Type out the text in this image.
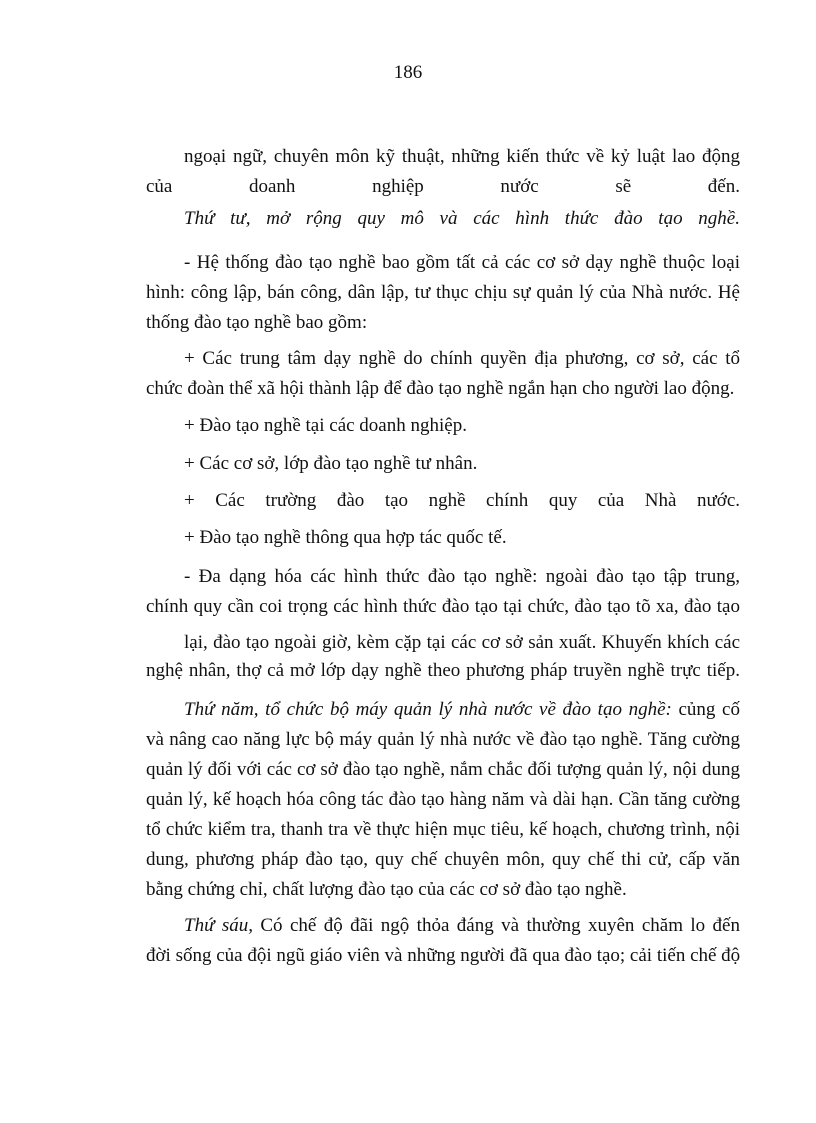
186
ngoại ngữ, chuyên môn kỹ thuật, những kiến thức về kỷ luật lao động
của doanh nghiệp nước sẽ đến.
Thứ tư, mở rộng quy mô và các hình thức đào tạo nghề.
- Hệ thống đào tạo nghề bao gồm tất cả các cơ sở dạy nghề thuộc loại
hình: công lập, bán công, dân lập, tư thục chịu sự quản lý của Nhà nước. Hệ
thống đào tạo nghề bao gồm:
+ Các trung tâm dạy nghề do chính quyền địa phương, cơ sở, các tổ
chức đoàn thể xã hội thành lập để đào tạo nghề ngắn hạn cho người lao động.
+ Đào tạo nghề tại các doanh nghiệp.
+ Các cơ sở, lớp đào tạo nghề tư nhân.
+ Các trường đào tạo nghề chính quy của Nhà nước.
+ Đào tạo nghề thông qua hợp tác quốc tế.
- Đa dạng hóa các hình thức đào tạo nghề: ngoài đào tạo tập trung,
chính quy cần coi trọng các hình thức đào tạo tại chức, đào tạo tõ xa, đào tạo
lại, đào tạo ngoài giờ, kèm cặp tại các cơ sở sản xuất. Khuyến khích các
nghệ nhân, thợ cả mở lớp dạy nghề theo phương pháp truyền nghề trực tiếp.
Thứ năm, tổ chức bộ máy quản lý nhà nước về đào tạo nghề: củng cố
và nâng cao năng lực bộ máy quản lý nhà nước về đào tạo nghề. Tăng cường
quản lý đối với các cơ sở đào tạo nghề, nắm chắc đối tượng quản lý, nội dung
quản lý, kế hoạch hóa công tác đào tạo hàng năm và dài hạn. Cần tăng cường
tổ chức kiểm tra, thanh tra về thực hiện mục tiêu, kế hoạch, chương trình, nội
dung, phương pháp đào tạo, quy chế chuyên môn, quy chế thi cử, cấp văn
bằng chứng chỉ, chất lượng đào tạo của các cơ sở đào tạo nghề.
Thứ sáu, Có chế độ đãi ngộ thỏa đáng và thường xuyên chăm lo đến
đời sống của đội ngũ giáo viên và những người đã qua đào tạo; cải tiến chế độ
